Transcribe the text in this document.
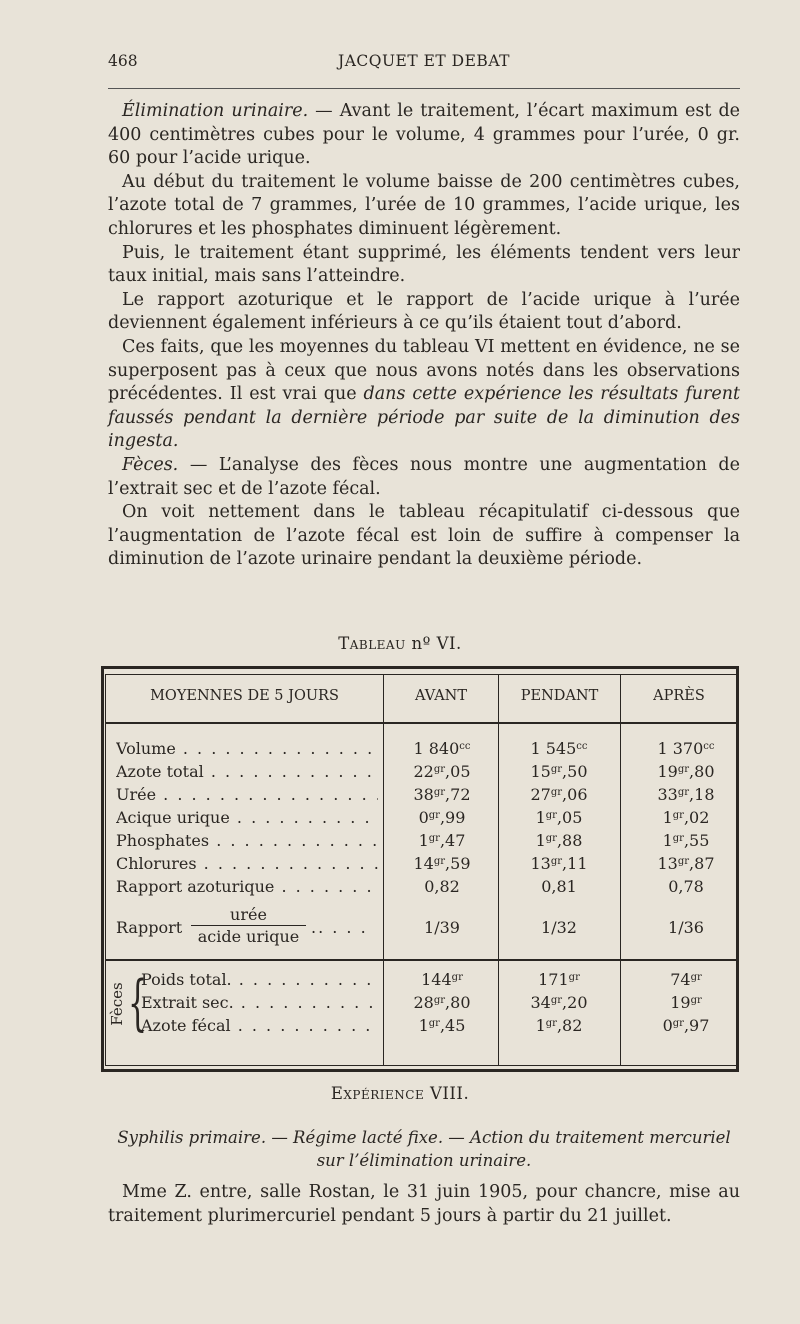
468	JACQUET ET DEBAT

Élimination urinaire. — Avant le traitement, l’écart maximum est de 400 centimètres cubes pour le volume, 4 grammes pour l’urée, 0 gr. 60 pour l’acide urique.

Au début du traitement le volume baisse de 200 centimètres cubes, l’azote total de 7 grammes, l’urée de 10 grammes, l’acide urique, les chlorures et les phosphates diminuent légèrement.

Puis, le traitement étant supprimé, les éléments tendent vers leur taux initial, mais sans l’atteindre.

Le rapport azoturique et le rapport de l’acide urique à l’urée deviennent également inférieurs à ce qu’ils étaient tout d’abord.

Ces faits, que les moyennes du tableau VI mettent en évidence, ne se superposent pas à ceux que nous avons notés dans les observations précédentes. Il est vrai que dans cette expérience les résultats furent faussés pendant la dernière période par suite de la diminution des ingesta.

Fèces. — L’analyse des fèces nous montre une augmentation de l’extrait sec et de l’azote fécal.

On voit nettement dans le tableau récapitulatif ci-dessous que l’augmentation de l’azote fécal est loin de suffire à compenser la diminution de l’azote urinaire pendant la deuxième période.

Tableau nº VI.
MOYENNES DE 5 JOURS	AVANT	PENDANT	APRÈS
Volume . . .	1 $840^{cc}$	1 $545^{cc}$	1 $370^{cc}$
Azote total . . .	$22^{gr},05$	$15^{gr},50$	$19^{gr},80$
Urée . . .	$38^{gr},72$	$27^{gr},06$	$33^{gr},18$
Acique urique . . .	$0^{gr},99$	$1^{gr},05$	$1^{gr},02$
Phosphates . . .	$1^{gr},47$	$1^{gr},88$	$1^{gr},55$
Chlorures . . .	$14^{gr},59$	$13^{gr},11$	$13^{gr},87$
Rapport azoturique . . .	0,82	0,81	0,78
Rapport
urée
acide urique .. . . .	1/39	1/32	1/36
Fèces {
Poids total. . . .	$144^{gr}$	$171^{gr}$	$74^{gr}$
Extrait sec. . . .	$28^{gr},80$	$34^{gr},20$	$19^{gr}$
Azote fécal . . .	$1^{gr},45$	$1^{gr},82$	$0^{gr},97$
Expérience VIII.
Syphilis primaire. — Régime lacté fixe. — Action du traitement mercuriel
sur l’élimination urinaire.

Mme Z. entre, salle Rostan, le 31 juin 1905, pour chancre, mise au traitement plurimercuriel pendant 5 jours à partir du 21 juillet.
